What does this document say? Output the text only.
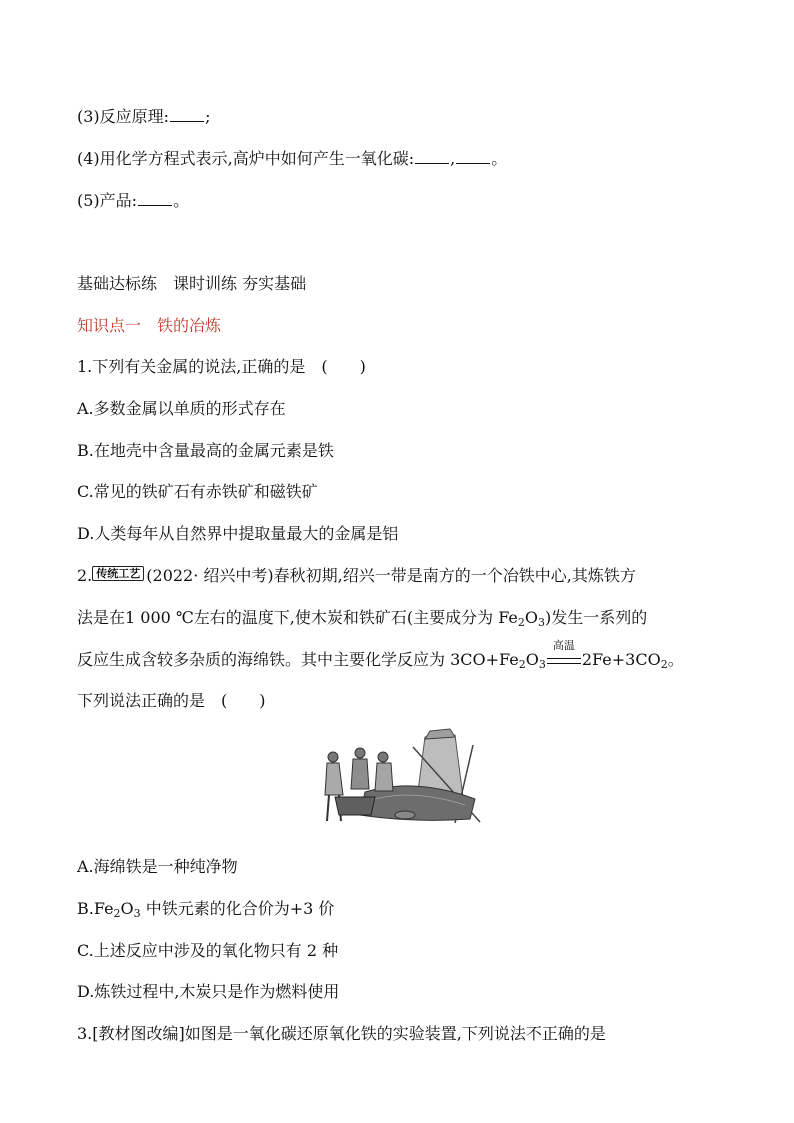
(3)反应原理: ;
(4)用化学方程式表示,高炉中如何产生一氧化碳: , 。
(5)产品: 。
基础达标练　课时训练 夯实基础
知识点一　铁的冶炼
1.下列有关金属的说法,正确的是　(　　)
A.多数金属以单质的形式存在
B.在地壳中含量最高的金属元素是铁
C.常见的铁矿石有赤铁矿和磁铁矿
D.人类每年从自然界中提取量最大的金属是铝
2. 传统工艺 (2022· 绍兴中考)春秋初期,绍兴一带是南方的一个冶铁中心,其炼铁方
法是在1 000 ℃左右的温度下,使木炭和铁矿石(主要成分为 $Fe_2O_3$)发生一系列的
反应生成含较多杂质的海绵铁。其中主要化学反应为 $3CO+Fe_2O_3$
高温
$2Fe+3CO_2$。
下列说法正确的是　(　　)
A.海绵铁是一种纯净物
$B.Fe_2O_3$ 中铁元素的化合价为+3 价
C.上述反应中涉及的氧化物只有 2 种
D.炼铁过程中,木炭只是作为燃料使用
3.[教材图改编]如图是一氧化碳还原氧化铁的实验装置,下列说法不正确的是
